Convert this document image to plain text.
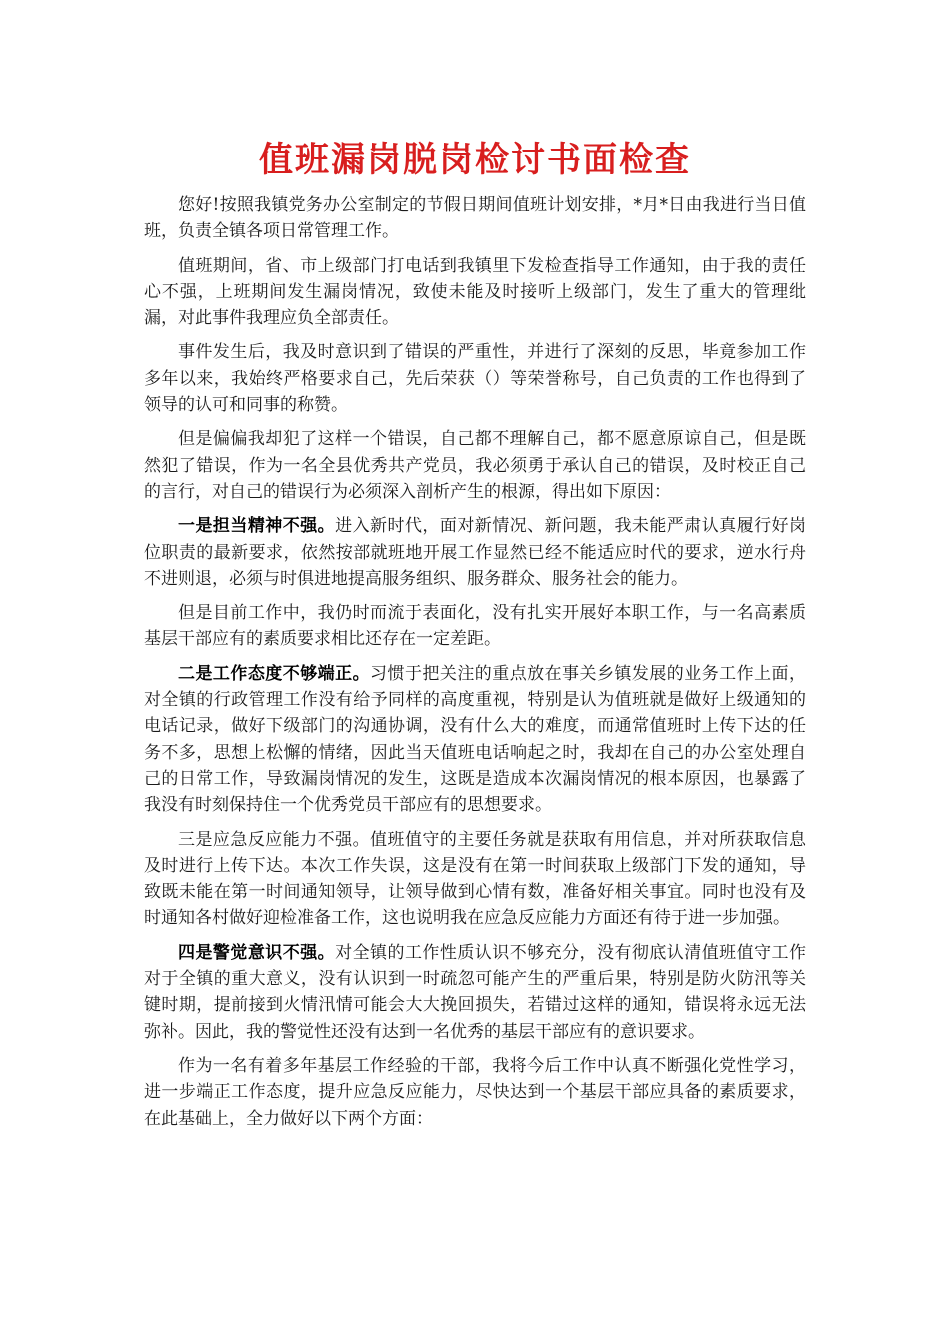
值班漏岗脱岗检讨书面检查

您好!按照我镇党务办公室制定的节假日期间值班计划安排，*月*日由我进行当日值班，负责全镇各项日常管理工作。

值班期间，省、市上级部门打电话到我镇里下发检查指导工作通知，由于我的责任心不强，上班期间发生漏岗情况，致使未能及时接听上级部门，发生了重大的管理纰漏，对此事件我理应负全部责任。

事件发生后，我及时意识到了错误的严重性，并进行了深刻的反思，毕竟参加工作多年以来，我始终严格要求自己，先后荣获（）等荣誉称号，自己负责的工作也得到了领导的认可和同事的称赞。

但是偏偏我却犯了这样一个错误，自己都不理解自己，都不愿意原谅自己，但是既然犯了错误，作为一名全县优秀共产党员，我必须勇于承认自己的错误，及时校正自己的言行，对自己的错误行为必须深入剖析产生的根源，得出如下原因：

一是担当精神不强。进入新时代，面对新情况、新问题，我未能严肃认真履行好岗位职责的最新要求，依然按部就班地开展工作显然已经不能适应时代的要求，逆水行舟不进则退，必须与时俱进地提高服务组织、服务群众、服务社会的能力。

但是目前工作中，我仍时而流于表面化，没有扎实开展好本职工作，与一名高素质基层干部应有的素质要求相比还存在一定差距。

二是工作态度不够端正。习惯于把关注的重点放在事关乡镇发展的业务工作上面，对全镇的行政管理工作没有给予同样的高度重视，特别是认为值班就是做好上级通知的电话记录，做好下级部门的沟通协调，没有什么大的难度，而通常值班时上传下达的任务不多，思想上松懈的情绪，因此当天值班电话响起之时，我却在自己的办公室处理自己的日常工作，导致漏岗情况的发生，这既是造成本次漏岗情况的根本原因，也暴露了我没有时刻保持住一个优秀党员干部应有的思想要求。

三是应急反应能力不强。值班值守的主要任务就是获取有用信息，并对所获取信息及时进行上传下达。本次工作失误，这是没有在第一时间获取上级部门下发的通知，导致既未能在第一时间通知领导，让领导做到心情有数，准备好相关事宜。同时也没有及时通知各村做好迎检准备工作，这也说明我在应急反应能力方面还有待于进一步加强。

四是警觉意识不强。对全镇的工作性质认识不够充分，没有彻底认清值班值守工作对于全镇的重大意义，没有认识到一时疏忽可能产生的严重后果，特别是防火防汛等关键时期，提前接到火情汛情可能会大大挽回损失，若错过这样的通知，错误将永远无法弥补。因此，我的警觉性还没有达到一名优秀的基层干部应有的意识要求。

作为一名有着多年基层工作经验的干部，我将今后工作中认真不断强化党性学习，进一步端正工作态度，提升应急反应能力，尽快达到一个基层干部应具备的素质要求，在此基础上，全力做好以下两个方面：
